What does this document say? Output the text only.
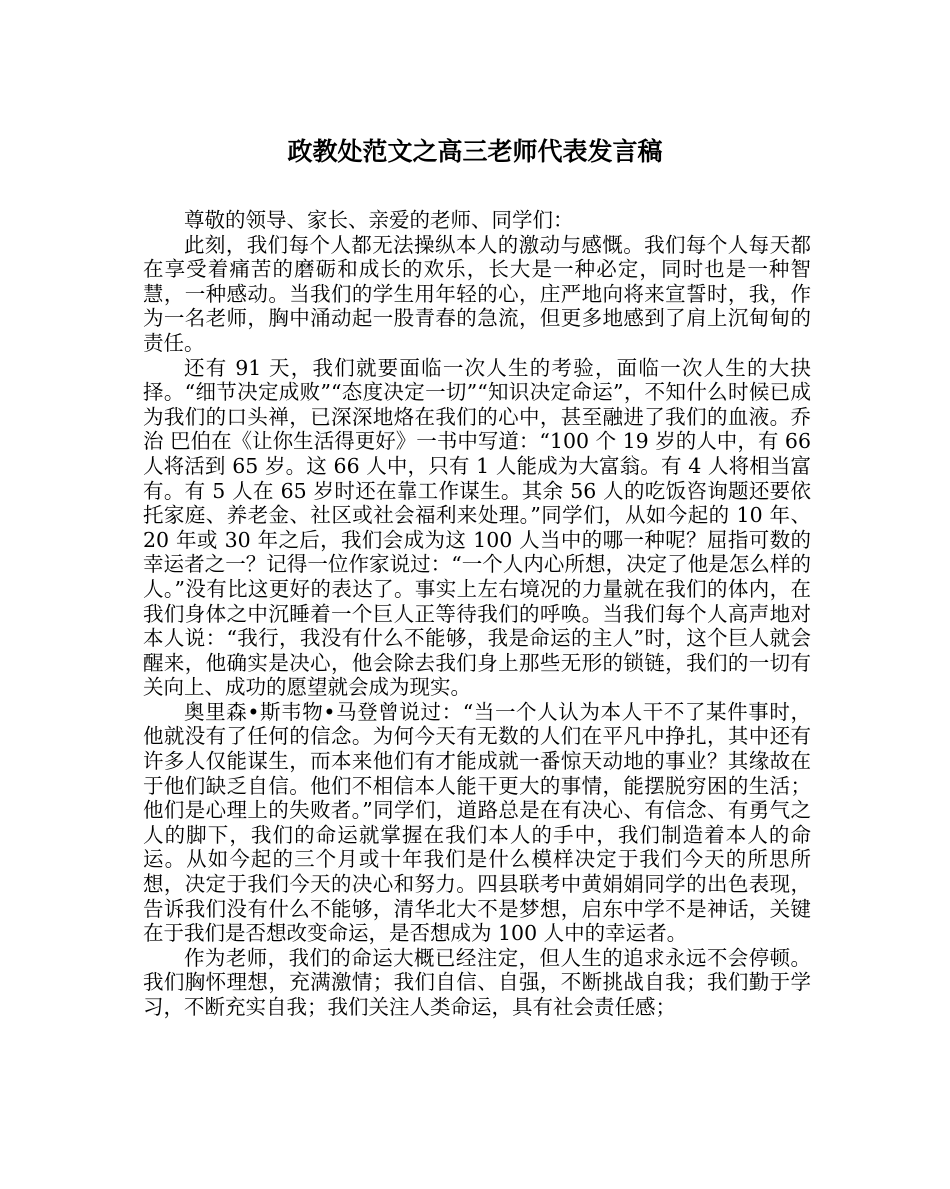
政教处范文之高三老师代表发言稿

尊敬的领导、家长、亲爱的老师、同学们：

此刻，我们每个人都无法操纵本人的激动与感慨。我们每个人每天都在享受着痛苦的磨砺和成长的欢乐，长大是一种必定，同时也是一种智慧，一种感动。当我们的学生用年轻的心，庄严地向将来宣誓时，我，作为一名老师，胸中涌动起一股青春的急流，但更多地感到了肩上沉甸甸的责任。

还有 91 天，我们就要面临一次人生的考验，面临一次人生的大抉择。“细节决定成败”“态度决定一切”“知识决定命运”，不知什么时候已成为我们的口头禅，已深深地烙在我们的心中，甚至融进了我们的血液。乔治 巴伯在《让你生活得更好》一书中写道：“100 个 19 岁的人中，有 66 人将活到 65 岁。这 66 人中，只有 1 人能成为大富翁。有 4 人将相当富有。有 5 人在 65 岁时还在靠工作谋生。其余 56 人的吃饭咨询题还要依托家庭、养老金、社区或社会福利来处理。”同学们，从如今起的 10 年、20 年或 30 年之后，我们会成为这 100 人当中的哪一种呢？屈指可数的幸运者之一？记得一位作家说过：“一个人内心所想，决定了他是怎么样的人。”没有比这更好的表达了。事实上左右境况的力量就在我们的体内，在我们身体之中沉睡着一个巨人正等待我们的呼唤。当我们每个人高声地对本人说：“我行，我没有什么不能够，我是命运的主人”时，这个巨人就会醒来，他确实是决心，他会除去我们身上那些无形的锁链，我们的一切有关向上、成功的愿望就会成为现实。

奥里森•斯韦物•马登曾说过：“当一个人认为本人干不了某件事时，他就没有了任何的信念。为何今天有无数的人们在平凡中挣扎，其中还有许多人仅能谋生，而本来他们有才能成就一番惊天动地的事业？其缘故在于他们缺乏自信。他们不相信本人能干更大的事情，能摆脱穷困的生活；他们是心理上的失败者。”同学们，道路总是在有决心、有信念、有勇气之人的脚下，我们的命运就掌握在我们本人的手中，我们制造着本人的命运。从如今起的三个月或十年我们是什么模样决定于我们今天的所思所想，决定于我们今天的决心和努力。四县联考中黄娟娟同学的出色表现，告诉我们没有什么不能够，清华北大不是梦想，启东中学不是神话，关键在于我们是否想改变命运，是否想成为 100 人中的幸运者。

作为老师，我们的命运大概已经注定，但人生的追求永远不会停顿。我们胸怀理想，充满激情；我们自信、自强，不断挑战自我；我们勤于学习，不断充实自我；我们关注人类命运，具有社会责任感；
